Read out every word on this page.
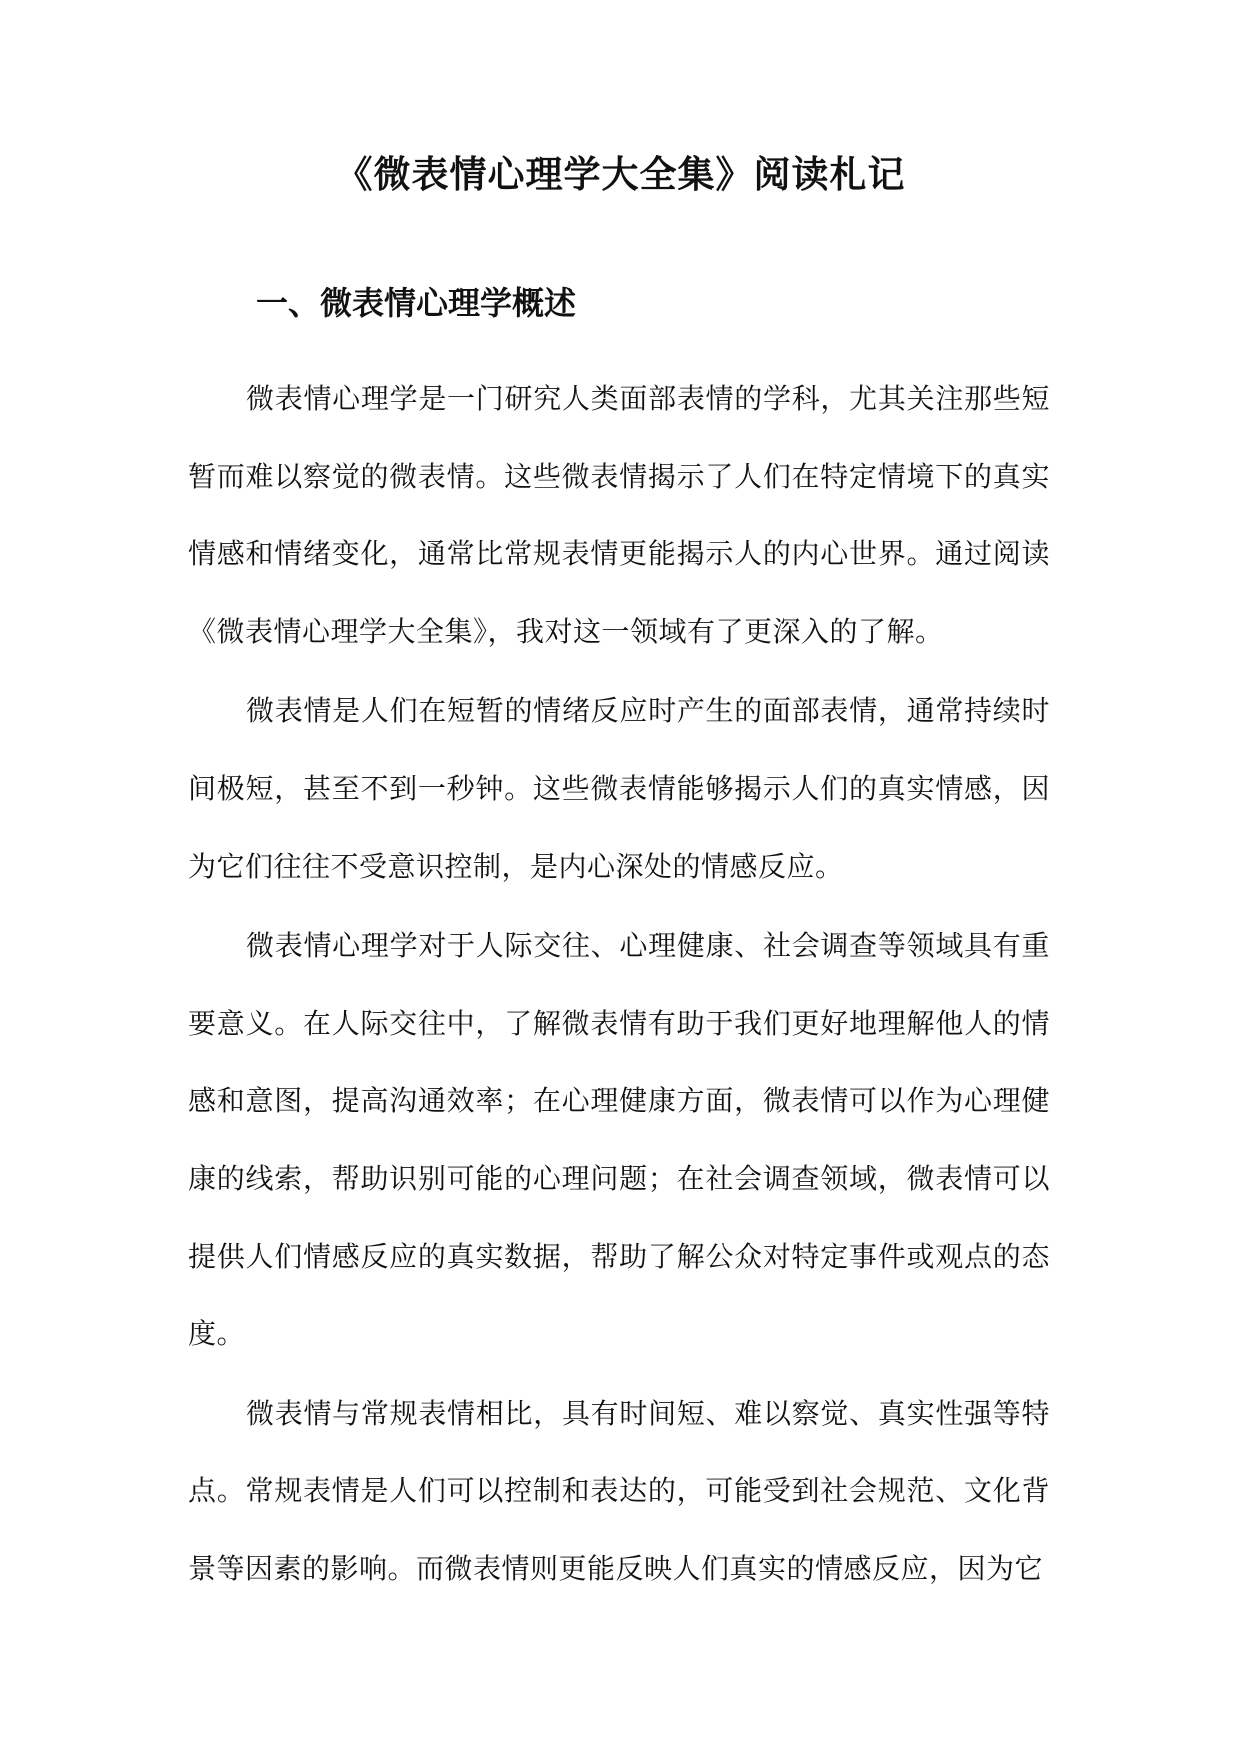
《微表情心理学大全集》阅读札记
一、微表情心理学概述

微表情心理学是一门研究人类面部表情的学科，尤其关注那些短暂而难以察觉的微表情。这些微表情揭示了人们在特定情境下的真实情感和情绪变化，通常比常规表情更能揭示人的内心世界。通过阅读《微表情心理学大全集》，我对这一领域有了更深入的了解。

微表情是人们在短暂的情绪反应时产生的面部表情，通常持续时间极短，甚至不到一秒钟。这些微表情能够揭示人们的真实情感，因为它们往往不受意识控制，是内心深处的情感反应。

微表情心理学对于人际交往、心理健康、社会调查等领域具有重要意义。在人际交往中，了解微表情有助于我们更好地理解他人的情感和意图，提高沟通效率；在心理健康方面，微表情可以作为心理健康的线索，帮助识别可能的心理问题；在社会调查领域，微表情可以提供人们情感反应的真实数据，帮助了解公众对特定事件或观点的态度。

微表情与常规表情相比，具有时间短、难以察觉、真实性强等特点。常规表情是人们可以控制和表达的，可能受到社会规范、文化背景等因素的影响。而微表情则更能反映人们真实的情感反应，因为它
